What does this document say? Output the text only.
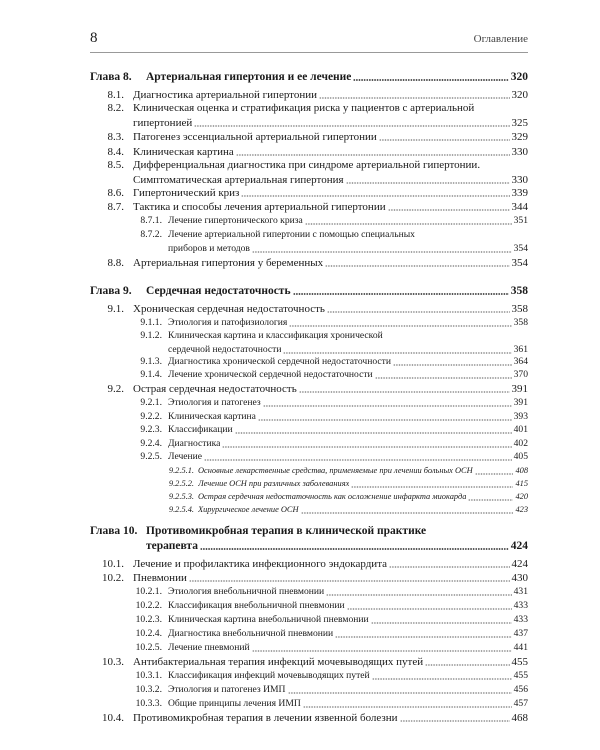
8	Оглавление
Глава 8.	Артериальная гипертония и ее лечение	320
8.1. Диагностика артериальной гипертонии	320
8.2. Клиническая оценка и стратификация риска у пациентов с артериальной
гипертонией	325
8.3. Патогенез эссенциальной артериальной гипертонии	329
8.4. Клиническая картина	330
8.5. Дифференциальная диагностика при синдроме артериальной гипертонии.
Симптоматическая артериальная гипертония	330
8.6. Гипертонический криз	339
8.7. Тактика и способы лечения артериальной гипертонии	344
8.7.1. Лечение гипертонического криза	351
8.7.2. Лечение артериальной гипертонии с помощью специальных
приборов и методов	354
8.8. Артериальная гипертония у беременных	354
Глава 9.	Сердечная недостаточность	358
9.1. Хроническая сердечная недостаточность	358
9.1.1. Этиология и патофизиология	358
9.1.2. Клиническая картина и классификация хронической
сердечной недостаточности	361
9.1.3. Диагностика хронической сердечной недостаточности	364
9.1.4. Лечение хронической сердечной недостаточности	370
9.2. Острая сердечная недостаточность	391
9.2.1. Этиология и патогенез	391
9.2.2. Клиническая картина	393
9.2.3. Классификации	401
9.2.4. Диагностика	402
9.2.5. Лечение	405
9.2.5.1. Основные лекарственные средства, применяемые при лечении больных ОСН	408
9.2.5.2. Лечение ОСН при различных заболеваниях	415
9.2.5.3. Острая сердечная недостаточность как осложнение инфаркта миокарда	420
9.2.5.4. Хирургическое лечение ОСН	423
Глава 10. Противомикробная терапия в клинической практике
терапевта	424
10.1. Лечение и профилактика инфекционного эндокардита	424
10.2. Пневмонии	430
10.2.1. Этиология внебольничной пневмонии	431
10.2.2. Классификация внебольничной пневмонии	433
10.2.3. Клиническая картина внебольничной пневмонии	433
10.2.4. Диагностика внебольничной пневмонии	437
10.2.5. Лечение пневмоний	441
10.3. Антибактериальная терапия инфекций мочевыводящих путей	455
10.3.1. Классификация инфекций мочевыводящих путей	455
10.3.2. Этиология и патогенез ИМП	456
10.3.3. Общие принципы лечения ИМП	457
10.4. Противомикробная терапия в лечении язвенной болезни	468
